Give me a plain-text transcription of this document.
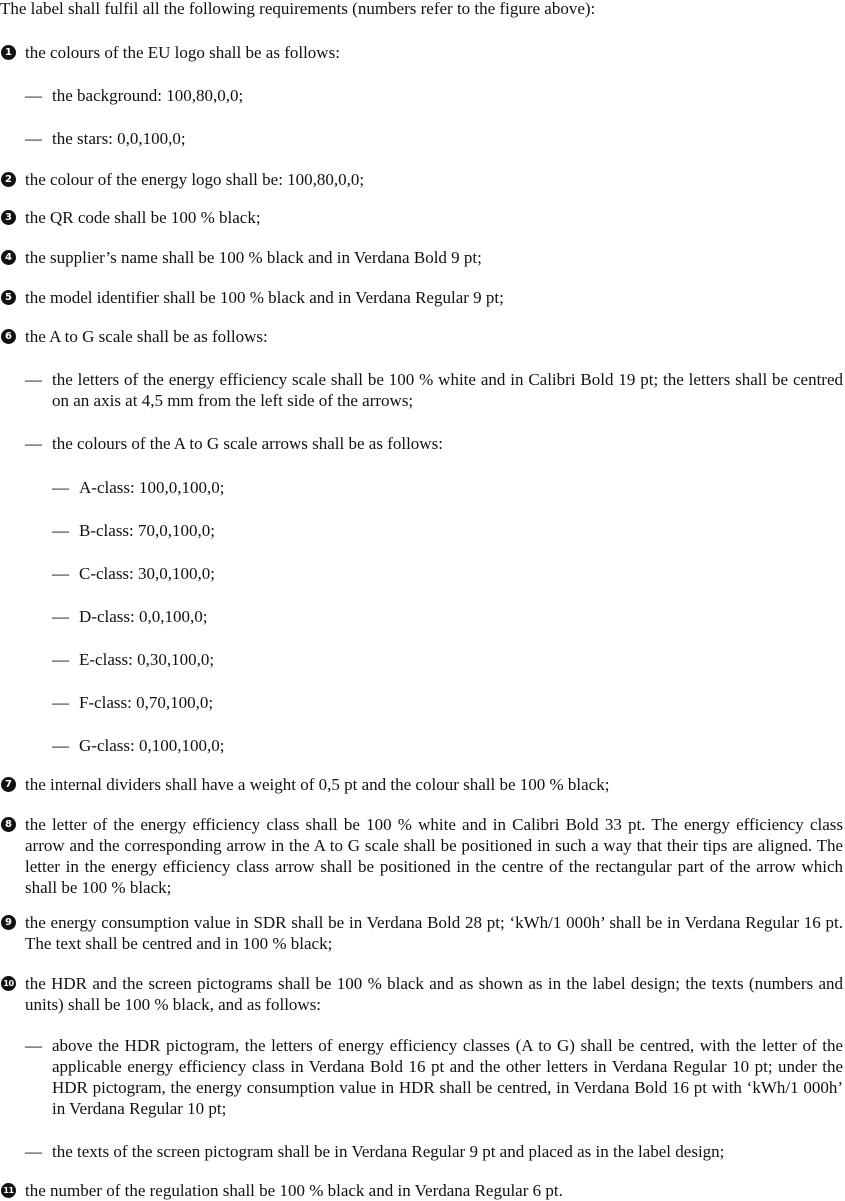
The label shall fulfil all the following requirements (numbers refer to the figure above):
1 the colours of the EU logo shall be as follows:
— the background: 100,80,0,0;
— the stars: 0,0,100,0;
2 the colour of the energy logo shall be: 100,80,0,0;
3 the QR code shall be 100 % black;
4 the supplier’s name shall be 100 % black and in Verdana Bold 9 pt;
5 the model identifier shall be 100 % black and in Verdana Regular 9 pt;
6 the A to G scale shall be as follows:
— the letters of the energy efficiency scale shall be 100 % white and in Calibri Bold 19 pt; the letters shall be centred on an axis at 4,5 mm from the left side of the arrows;
— the colours of the A to G scale arrows shall be as follows:
— A-class: 100,0,100,0;
— B-class: 70,0,100,0;
— C-class: 30,0,100,0;
— D-class: 0,0,100,0;
— E-class: 0,30,100,0;
— F-class: 0,70,100,0;
— G-class: 0,100,100,0;
7 the internal dividers shall have a weight of 0,5 pt and the colour shall be 100 % black;
8 the letter of the energy efficiency class shall be 100 % white and in Calibri Bold 33 pt. The energy efficiency class arrow and the corresponding arrow in the A to G scale shall be positioned in such a way that their tips are aligned. The letter in the energy efficiency class arrow shall be positioned in the centre of the rectangular part of the arrow which shall be 100 % black;
9 the energy consumption value in SDR shall be in Verdana Bold 28 pt; ‘kWh/1 000h’ shall be in Verdana Regular 16 pt. The text shall be centred and in 100 % black;
10 the HDR and the screen pictograms shall be 100 % black and as shown as in the label design; the texts (numbers and units) shall be 100 % black, and as follows:
— above the HDR pictogram, the letters of energy efficiency classes (A to G) shall be centred, with the letter of the applicable energy efficiency class in Verdana Bold 16 pt and the other letters in Verdana Regular 10 pt; under the HDR pictogram, the energy consumption value in HDR shall be centred, in Verdana Bold 16 pt with ‘kWh/1 000h’ in Verdana Regular 10 pt;
— the texts of the screen pictogram shall be in Verdana Regular 9 pt and placed as in the label design;
11 the number of the regulation shall be 100 % black and in Verdana Regular 6 pt.
